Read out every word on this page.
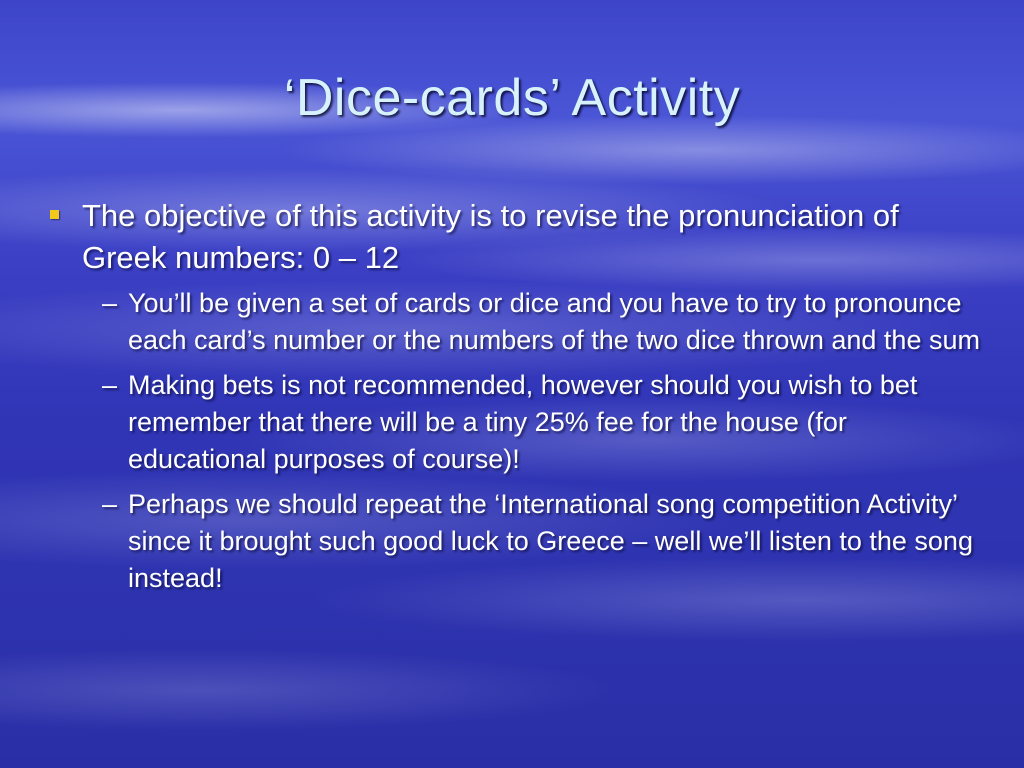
‘Dice-cards’ Activity
The objective of this activity is to revise the pronunciation of Greek numbers: 0 – 12
– You’ll be given a set of cards or dice and you have to try to pronounce each card’s number or the numbers of the two dice thrown and the sum
– Making bets is not recommended, however should you wish to bet remember that there will be a tiny 25% fee for the house (for educational purposes of course)!
– Perhaps we should repeat the ‘International song competition Activity’ since it brought such good luck to Greece – well we’ll listen to the song instead!
